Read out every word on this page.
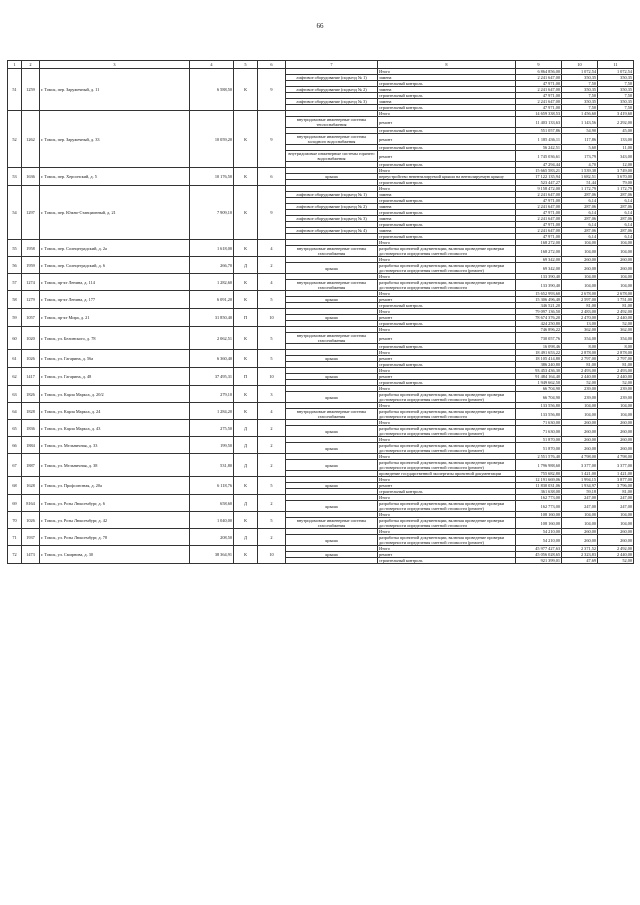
66
1	2	3	4	5	6	7	8	9	10	11
51	1259	г. Томск, пер. Заружечный, д. 11	6 588,50	К	9		Итого	6 864 856,00	1 072,54	1 072,54
						лифтовое оборудование (подъезд № 1)	замена	2 241 647,00	350,35	350,35
							строительный контроль	47 971,00	7,50	7,50
						лифтовое оборудование (подъезд № 2)	замена	2 241 647,00	350,35	350,35
							строительный контроль	47 971,00	7,50	7,50
						лифтовое оборудование (подъезд № 3)	замена	2 241 647,00	350,35	350,35
							строительный контроль	47 971,00	7,50	7,50
52	1262	г. Томск, пер. Заружечный, д. 33	10 059,20	К	9		Итого	14 659 338,53	1 456,60	3 419,60
						внутридомовые инженерные системы теплоснабжения	ремонт	11 403 133,63	1 143,56	2 292,00
							строительный контроль	551 057,86	54,90	45,00
						внутридомовые инженерные системы холодного водоснабжения	ремонт	1 185 436,11	117,86	133,00
							строительный контроль	56 242,51	5,60	11,00
						внутридомовые инженерные системы горячего водоснабжения	ремонт	1 745 036,61	173,79	343,00
							строительный контроль	47 294,44	4,70	12,00
53	1636	г. Томск, пер. Херсонский, д. 5	10 176,50	К	6		Итого	15 665 583,21	1 539,38	3 749,00
						крыша	переустройство невентилируемой крыши на вентилируемую крышу	17 122 135,94	1 682,51	3 670,00
							строительный контроль	523 447,27	51,44	79,00
54	1297	г. Томск, пер. Южно-Станционный, д. 21	7 909,10	К	9		Итого	9 158 472,00	1 172,79	1 172,79
						лифтовое оборудование (подъезд № 1)	замена	2 241 647,00	287,06	287,06
							строительный контроль	47 971,00	6,14	6,14
						лифтовое оборудование (подъезд № 2)	замена	2 241 647,00	287,06	287,06
							строительный контроль	47 971,00	6,14	6,14
						лифтовое оборудование (подъезд № 3)	замена	2 241 647,00	287,06	287,06
							строительный контроль	47 971,00	6,14	6,14
						лифтовое оборудование (подъезд № 4)	замена	2 241 647,00	287,06	287,06
							строительный контроль	47 971,00	6,14	6,14
55	1958	г. Томск, пер. Солнцеградский, д. 2а	1 618,00	К	4		Итого	168 272,00	104,00	104,00
						внутридомовые инженерные системы газоснабжения	разработка проектной документации, включая проведение проверки достоверности определения сметной стоимости	168 272,00	104,00	104,00
56	1959	г. Томск, пер. Солнцеградский, д. 6	266,70	Д	2		Итого	69 342,00	260,00	260,00
						крыша	разработка проектной документации, включая проведение проверки достоверности определения сметной стоимости (ремонт)	69 342,00	260,00	260,00
57	1274	г. Томск, пр-кт Ленина, д. 114	1 282,60	К	4		Итого	133 390,40	104,00	104,00
						внутридомовые инженерные системы газоснабжения	разработка проектной документации, включая проведение проверки достоверности определения сметной стоимости	133 390,40	104,00	104,00
58	1279	г. Томск, пр-кт Ленина, д. 177	6 091,20	К	5		Итого	15 652 993,60	2 678,00	2 678,00
						крыша	ремонт	15 306 496,40	2 597,00	1 751,00
							строительный контроль	346 521,20	81,00	81,00
59	1057	г. Томск, пр-кт Мира, д. 21	31 850,40	П	10		Итого	79 097 136,50	2 483,00	2 492,00
						крыша	ремонт	78 674 376,20	2 470,00	2 440,00
							строительный контроль	424 250,80	13,00	52,00
60	1020	г. Томск, ул. Белинского, д. 78	2 062,51	К	5		Итого	746 896,22	362,00	362,00
						внутридомовые инженерные системы газоснабжения	ремонт	730 057,76	354,00	354,00
							строительный контроль	16 098,46	8,00	8,00
61	1026	г. Томск, ул. Гагарина, д. 56а	6 360,40	К	5		Итого	18 491 653,22	2 878,00	2 878,00
						крыша	ремонт	18 105 414,80	2 797,00	2 797,00
							строительный контроль	386 240,80	81,00	81,00
62	1417	г. Томск, ул. Гагарина, д. 48	37 495,31	П	10		Итого	93 453 436,30	2 493,00	2 493,00
						крыша	ремонт	91 484 164,40	2 440,00	2 440,00
							строительный контроль	1 949 662,50	52,00	52,00
63	1826	г. Томск, ул. Карла Маркса, д. 20/2	279,10	К	3		Итого	66 704,90	239,00	239,00
						крыша	разработка проектной документации, включая проведение проверки достоверности определения сметной стоимости (ремонт)	66 704,90	239,00	239,00
64	1828	г. Томск, ул. Карла Маркса, д. 24	1 284,20	К	4		Итого	133 556,80	104,00	104,00
						внутридомовые инженерные системы газоснабжения	разработка проектной документации, включая проведение проверки достоверности определения сметной стоимости	133 556,80	104,00	104,00
65	1836	г. Томск, ул. Карла Маркса, д. 43	275,50	Д	2		Итого	71 630,00	260,00	260,00
						крыша	разработка проектной документации, включая проведение проверки достоверности определения сметной стоимости (ремонт)	71 630,00	260,00	260,00
66	1884	г. Томск, ул. Мельничная, д. 33	199,50	Д	2		Итого	51 870,00	260,00	260,00
						крыша	разработка проектной документации, включая проведение проверки достоверности определения сметной стоимости (ремонт)	51 870,00	260,00	260,00
67	1887	г. Томск, ул. Мельничная, д. 38	531,80	Д	2		Итого	2 551 576,40	4 798,00	4 798,00
						крыша	разработка проектной документации, включая проведение проверки достоверности определения сметной стоимости (ремонт)	1 796 988,60	3 377,00	3 377,00
							проведение государственной экспертизы проектной документации	755 682,80	1 421,00	1 421,00
68	1628	г. Томск, ул. Профсоюзная, д. 20а	6 118,76	К	5		Итого	12 191 669,06	1 994,15	3 877,00
						крыша	ремонт	11 830 031,06	1 934,97	3 796,00
							строительный контроль	361 638,00	59,18	81,00
69	8164	г. Томск, ул. Розы Люксембург, д. 6	658,60	Д	2		Итого	162 773,00	247,00	247,00
						крыша	разработка проектной документации, включая проведение проверки достоверности определения сметной стоимости (ремонт)	162 773,00	247,00	247,00
70	1026	г. Томск, ул. Розы Люксембург, д. 42	1 040,00	К	5		Итого	108 160,00	104,00	104,00
						внутридомовые инженерные системы газоснабжения	разработка проектной документации, включая проведение проверки достоверности определения сметной стоимости	108 160,00	104,00	104,00
71	1937	г. Томск, ул. Розы Люксембург, д. 78	208,50	Д	2		Итого	54 210,00	260,00	260,00
						крыша	разработка проектной документации, включая проведение проверки достоверности определения сметной стоимости (ремонт)	54 210,00	260,00	260,00
72	1473	г. Томск, ул. Смирнова, д. 30	38 364,91	К	10		Итого	45 977 427,63	2 371,52	2 492,00
						крыша	ремонт	45 056 028,65	2 323,83	2 440,00
							строительный контроль	921 399,01	47,69	52,00
